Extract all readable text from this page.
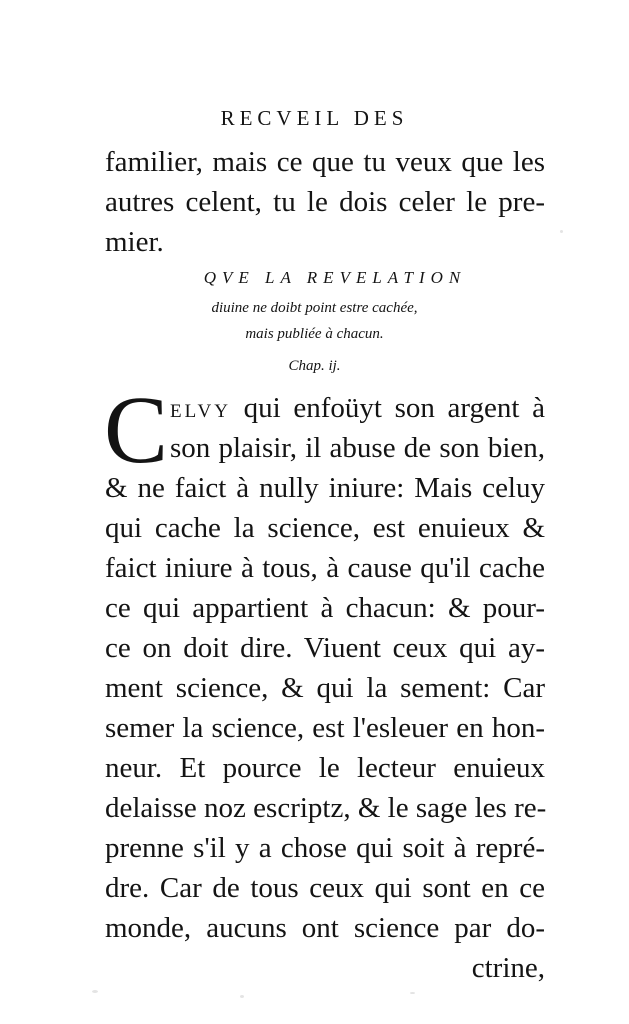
RECVEIL DES
familier, mais ce que tu veux que les
autres celent, tu le dois celer le pre-
mier.
QVE LA REVELATION
diuine ne doibt point estre cachée,
mais publiée à chacun.
Chap. ij.
C ELVY qui enfoüyt son argent à
son plaisir, il abuse de son bien,
& ne faict à nully iniure: Mais celuy
qui cache la science, est enuieux &
faict iniure à tous, à cause qu'il cache
ce qui appartient à chacun: & pour-
ce on doit dire. Viuent ceux qui ay-
ment science, & qui la sement: Car
semer la science, est l'esleuer en hon-
neur. Et pource le lecteur enuieux
delaisse noz escriptz, & le sage les re-
prenne s'il y a chose qui soit à repré-
dre. Car de tous ceux qui sont en ce
monde, aucuns ont science par do-
ctrine,
